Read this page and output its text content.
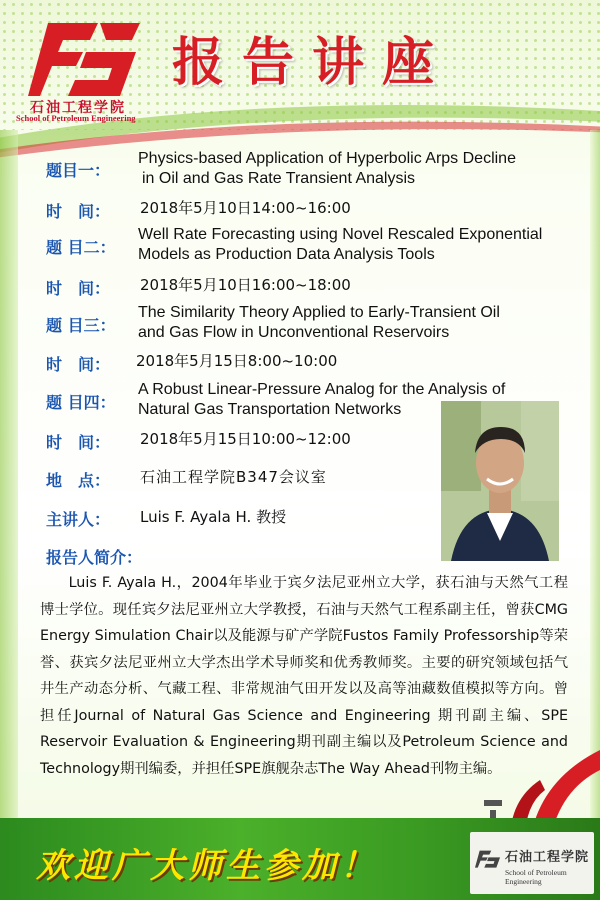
石油工程学院
School of Petroleum Engineering
报告讲座
题目一：
Physics-based Application of Hyperbolic Arps Decline
in Oil and Gas Rate Transient Analysis
时　间： 2018年5月10日14:00~16:00
题 目二：
Well Rate Forecasting using Novel Rescaled Exponential
Models as Production Data Analysis Tools
时　间： 2018年5月10日16:00~18:00
题 目三：
The Similarity Theory Applied to Early-Transient Oil
and Gas Flow in Unconventional Reservoirs
时　间： 2018年5月15日8:00~10:00
题 目四：
A Robust Linear-Pressure Analog for the Analysis of
Natural Gas Transportation Networks
时　间： 2018年5月15日10:00~12:00
地　点： 石油工程学院B347会议室
主讲人： Luis F. Ayala H. 教授
报告人简介：
Luis F. Ayala H.，2004年毕业于宾夕法尼亚州立大学，获石油与天然气工程博士学位。现任宾夕法尼亚州立大学教授，石油与天然气工程系副主任，曾获CMG Energy Simulation Chair以及能源与矿产学院Fustos Family Professorship等荣誉、获宾夕法尼亚州立大学杰出学术导师奖和优秀教师奖。主要的研究领域包括气井生产动态分析、气藏工程、非常规油气田开发以及高等油藏数值模拟等方向。曾担任Journal of Natural Gas Science and Engineering 期刊副主编、SPE Reservoir Evaluation & Engineering期刊副主编以及Petroleum Science and Technology期刊编委，并担任SPE旗舰杂志The Way Ahead刊物主编。
欢迎广大师生参加！	石油工程学院
School of Petroleum Engineering
